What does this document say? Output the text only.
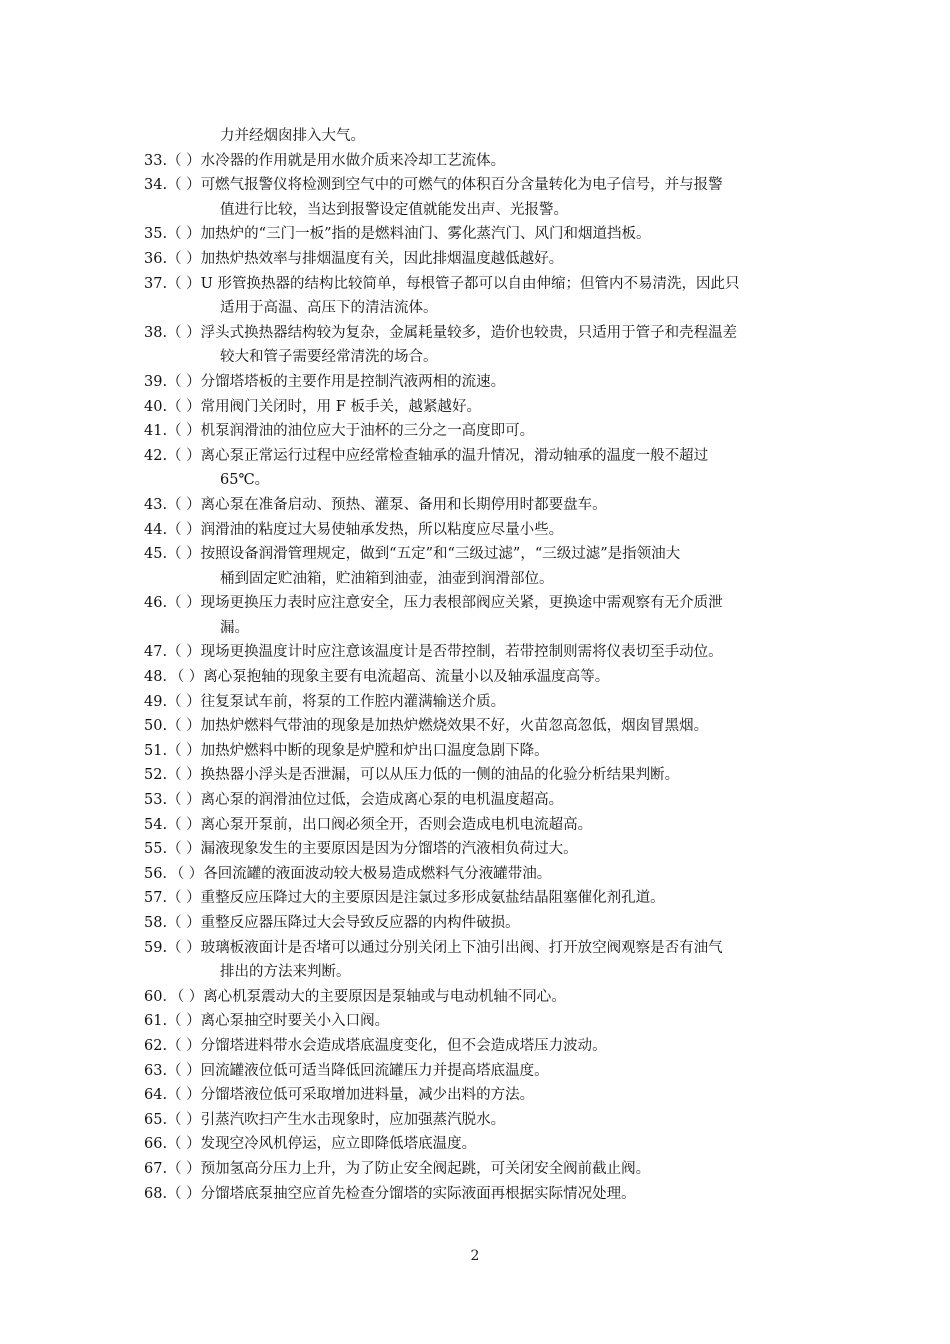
力并经烟囱排入大气。
33.（ ）水冷器的作用就是用水做介质来冷却工艺流体。
34.（ ）可燃气报警仪将检测到空气中的可燃气的体积百分含量转化为电子信号，并与报警
值进行比较，当达到报警设定值就能发出声、光报警。
35.（ ）加热炉的“三门一板”指的是燃料油门、雾化蒸汽门、风门和烟道挡板。
36.（ ）加热炉热效率与排烟温度有关，因此排烟温度越低越好。
37.（ ）U 形管换热器的结构比较简单，每根管子都可以自由伸缩；但管内不易清洗，因此只
适用于高温、高压下的清洁流体。
38.（ ）浮头式换热器结构较为复杂，金属耗量较多，造价也较贵，只适用于管子和壳程温差
较大和管子需要经常清洗的场合。
39.（ ）分馏塔塔板的主要作用是控制汽液两相的流速。
40.（ ）常用阀门关闭时，用 F 板手关，越紧越好。
41.（ ）机泵润滑油的油位应大于油杯的三分之一高度即可。
42.（ ）离心泵正常运行过程中应经常检查轴承的温升情况，滑动轴承的温度一般不超过
65℃。
43.（ ）离心泵在准备启动、预热、灌泵、备用和长期停用时都要盘车。
44.（ ）润滑油的粘度过大易使轴承发热，所以粘度应尽量小些。
45.（ ）按照设备润滑管理规定，做到“五定”和“三级过滤”，“三级过滤”是指领油大
桶到固定贮油箱，贮油箱到油壶，油壶到润滑部位。
46.（ ）现场更换压力表时应注意安全，压力表根部阀应关紧，更换途中需观察有无介质泄
漏。
47.（ ）现场更换温度计时应注意该温度计是否带控制，若带控制则需将仪表切至手动位。
48．（ ）离心泵抱轴的现象主要有电流超高、流量小以及轴承温度高等。
49.（ ）往复泵试车前，将泵的工作腔内灌满输送介质。
50.（ ）加热炉燃料气带油的现象是加热炉燃烧效果不好，火苗忽高忽低，烟囱冒黑烟。
51.（ ）加热炉燃料中断的现象是炉膛和炉出口温度急剧下降。
52.（ ）换热器小浮头是否泄漏，可以从压力低的一侧的油品的化验分析结果判断。
53.（ ）离心泵的润滑油位过低，会造成离心泵的电机温度超高。
54.（ ）离心泵开泵前，出口阀必须全开，否则会造成电机电流超高。
55.（ ）漏液现象发生的主要原因是因为分馏塔的汽液相负荷过大。
56．（ ）各回流罐的液面波动较大极易造成燃料气分液罐带油。
57.（ ）重整反应压降过大的主要原因是注氯过多形成氨盐结晶阻塞催化剂孔道。
58.（ ）重整反应器压降过大会导致反应器的内构件破损。
59.（ ）玻璃板液面计是否堵可以通过分别关闭上下油引出阀、打开放空阀观察是否有油气
排出的方法来判断。
60．（ ）离心机泵震动大的主要原因是泵轴或与电动机轴不同心。
61.（ ）离心泵抽空时要关小入口阀。
62.（ ）分馏塔进料带水会造成塔底温度变化，但不会造成塔压力波动。
63.（ ）回流罐液位低可适当降低回流罐压力并提高塔底温度。
64.（ ）分馏塔液位低可采取增加进料量，减少出料的方法。
65.（ ）引蒸汽吹扫产生水击现象时，应加强蒸汽脱水。
66.（ ）发现空冷风机停运，应立即降低塔底温度。
67.（ ）预加氢高分压力上升，为了防止安全阀起跳，可关闭安全阀前截止阀。
68.（ ）分馏塔底泵抽空应首先检查分馏塔的实际液面再根据实际情况处理。
2
